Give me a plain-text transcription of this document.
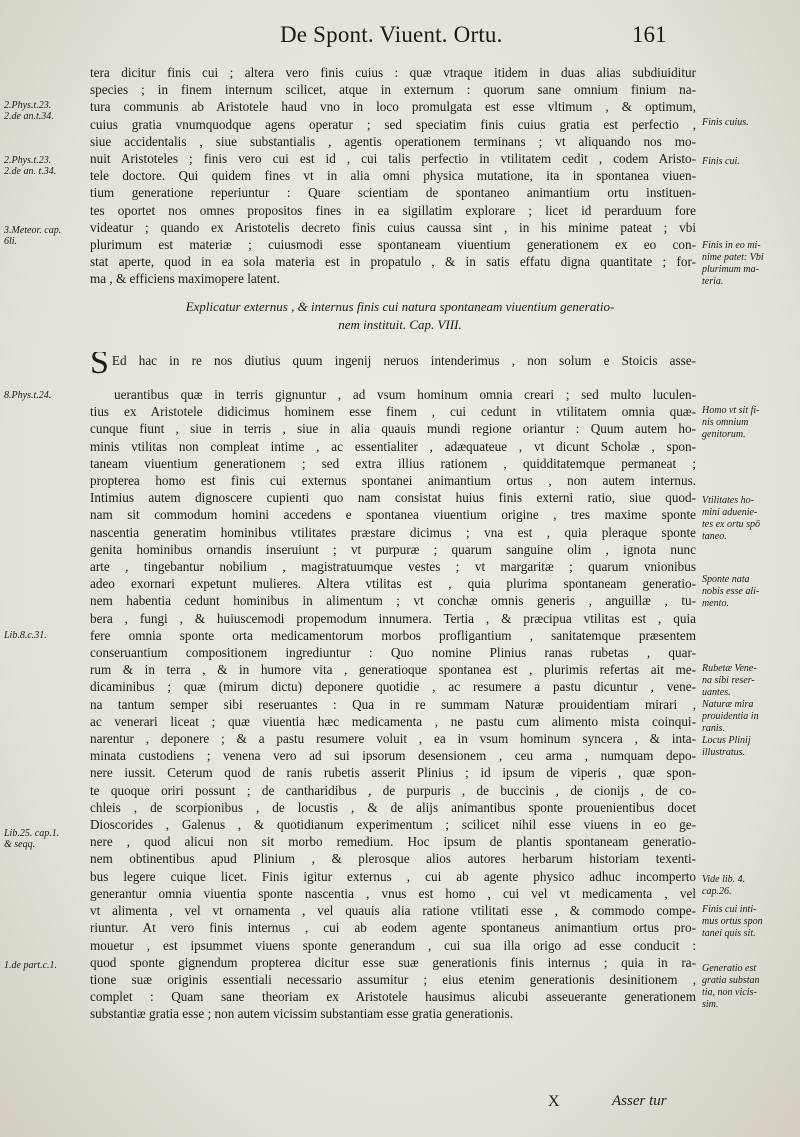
De Spont. Viuent. Ortu.	161
2.Phys.t.23.
2.de an.t.34.
2.Phys.t.23.
2.de an. t.34.
3.Meteor. cap.
6li.
8.Phys.t.24.
Lib.8.c.31.
Lib.25. cap.1.
& seqq.
1.de part.c.1.
Finis cuius.
Finis cui.
Finis in eo mi-
nime patet: Vbi
plurimum ma-
teria.
Homo vt sit fi-
nis omnium
genitorum.
Vtilitates ho-
mini aduenie-
tes ex ortu spō
taneo.
Sponte nata
nobis esse ali-
mento.
Rubetæ Vene-
na sibi reser-
uantes.
Naturæ mira
prouidentia in
ranis.
Locus Plinij
illustratus.
Vide lib. 4.
cap.26.
Finis cui inti-
mus ortus spon
tanei quis sit.
Generatio est
gratia substan
tia, non vicis-
sim.
tera dicitur finis cui ; altera vero finis cuius : quæ vtraque itidem in duas alias subdiuiditur
species ; in finem internum scilicet, atque in externum : quorum sane omnium finium na-
tura communis ab Aristotele haud vno in loco promulgata est esse vltimum , & optimum,
cuius gratia vnumquodque agens operatur ; sed speciatim finis cuius gratia est perfectio ,
siue accidentalis , siue substantialis , agentis operationem terminans ; vt aliquando nos mo-
nuit Aristoteles ; finis vero cui est id , cui talis perfectio in vtilitatem cedit , codem Aristo-
tele doctore. Qui quidem fines vt in alia omni physica mutatione, ita in spontanea viuen-
tium generatione reperiuntur : Quare scientiam de spontaneo animantium ortu instituen-
tes oportet nos omnes propositos fines in ea sigillatim explorare ; licet id perarduum fore
videatur ; quando ex Aristotelis decreto finis cuius caussa sint , in his minime pateat ; vbi
plurimum est materiæ ; cuiusmodi esse spontaneam viuentium generationem ex eo con-
stat aperte, quod in ea sola materia est in propatulo , & in satis effatu digna quantitate ; for-
ma , & efficiens maximopere latent.
Explicatur externus , & internus finis cui natura spontaneam viuentium generatio-
nem instituit. Cap. VIII.
S Ed hac in re nos diutius quum ingenij neruos intenderimus , non solum e Stoicis asse-
uerantibus quæ in terris gignuntur , ad vsum hominum omnia creari ; sed multo luculen-
tius ex Aristotele didicimus hominem esse finem , cui cedunt in vtilitatem omnia quæ-
cunque fiunt , siue in terris , siue in alia quauis mundi regione oriantur : Quum autem ho-
minis vtilitas non compleat intime , ac essentialiter , adæquateue , vt dicunt Scholæ , spon-
taneam viuentium generationem ; sed extra illius rationem , quidditatemque permaneat ;
propterea homo est finis cui externus spontanei animantium ortus , non autem internus.
Intimius autem dignoscere cupienti quo nam consistat huius finis externi ratio, siue quod-
nam sit commodum homini accedens e spontanea viuentium origine , tres maxime sponte
nascentia generatim hominibus vtilitates præstare dicimus ; vna est , quia pleraque sponte
genita hominibus ornandis inseruiunt ; vt purpuræ ; quarum sanguine olim , ignota nunc
arte , tingebantur nobilium , magistratuumque vestes ; vt margaritæ ; quarum vnionibus
adeo exornari expetunt mulieres. Altera vtilitas est , quia plurima spontaneam generatio-
nem habentia cedunt hominibus in alimentum ; vt conchæ omnis generis , anguillæ , tu-
bera , fungi , & huiuscemodi propemodum innumera. Tertia , & præcipua vtilitas est , quia
fere omnia sponte orta medicamentorum morbos profligantium , sanitatemque præsentem
conseruantium compositionem ingrediuntur : Quo nomine Plinius ranas rubetas , quar-
rum & in terra , & in humore vita , generatioque spontanea est , plurimis refertas ait me-
dicaminibus ; quæ (mirum dictu) deponere quotidie , ac resumere a pastu dicuntur , vene-
na tantum semper sibi reseruantes : Qua in re summam Naturæ prouidentiam mirari ,
ac venerari liceat ; quæ viuentia hæc medicamenta , ne pastu cum alimento mista coinqui-
narentur , deponere ; & a pastu resumere voluit , ea in vsum hominum syncera , & inta-
minata custodiens ; venena vero ad sui ipsorum desensionem , ceu arma , numquam depo-
nere iussit. Ceterum quod de ranis rubetis asserit Plinius ; id ipsum de viperis , quæ spon-
te quoque oriri possunt ; de cantharidibus , de purpuris , de buccinis , de cionijs , de co-
chleis , de scorpionibus , de locustis , & de alijs animantibus sponte prouenientibus docet
Dioscorides , Galenus , & quotidianum experimentum ; scilicet nihil esse viuens in eo ge-
nere , quod alicui non sit morbo remedium. Hoc ipsum de plantis spontaneam generatio-
nem obtinentibus apud Plinium , & plerosque alios autores herbarum historiam texenti-
bus legere cuique licet. Finis igitur externus , cui ab agente physico adhuc incomperto
generantur omnia viuentia sponte nascentia , vnus est homo , cui vel vt medicamenta , vel
vt alimenta , vel vt ornamenta , vel quauis alia ratione vtilitati esse , & commodo compe-
riuntur. At vero finis internus , cui ab eodem agente spontaneus animantium ortus pro-
mouetur , est ipsummet viuens sponte generandum , cui sua illa origo ad esse conducit :
quod sponte gignendum propterea dicitur esse suæ generationis finis internus ; quia in ra-
tione suæ originis essentiali necessario assumitur ; eius etenim generationis desinitionem ,
complet : Quam sane theoriam ex Aristotele hausimus alicubi asseuerante generationem
substantiæ gratia esse ; non autem vicissim substantiam esse gratia generationis.
X	Asser tur
